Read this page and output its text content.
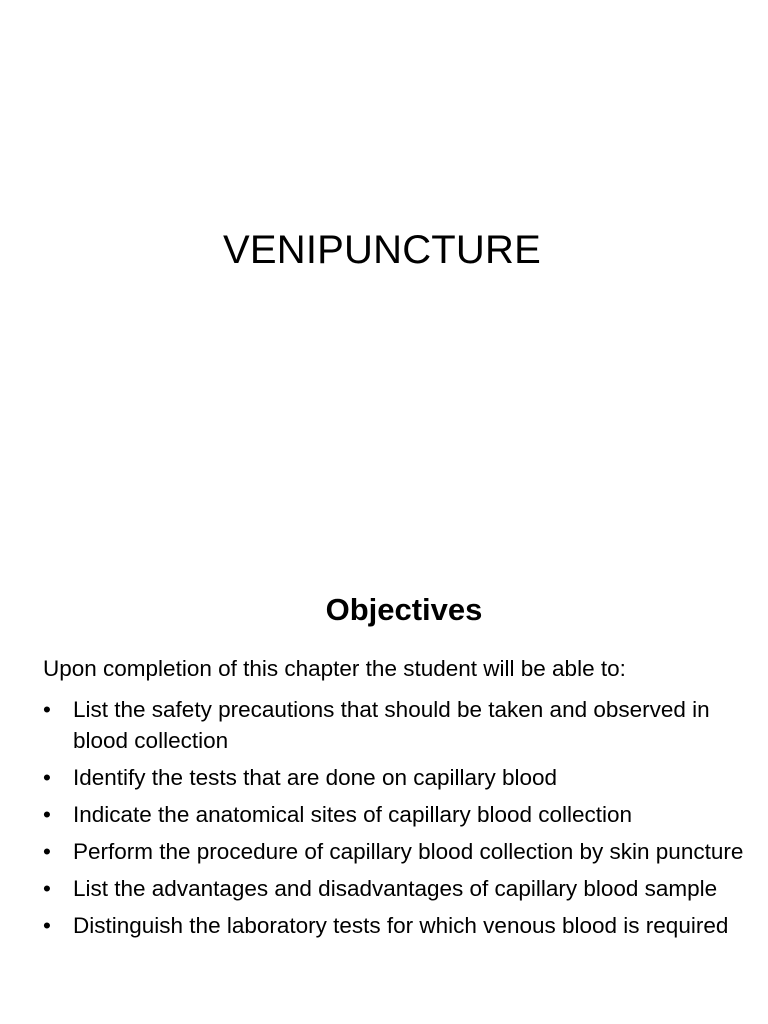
VENIPUNCTURE
Objectives

Upon completion of this chapter the student will be able to:

• List the safety precautions that should be taken and observed in blood collection
• Identify the tests that are done on capillary blood
• Indicate the anatomical sites of capillary blood collection
• Perform the procedure of capillary blood collection by skin puncture
• List the advantages and disadvantages of capillary blood sample
• Distinguish the laboratory tests for which venous blood is required
